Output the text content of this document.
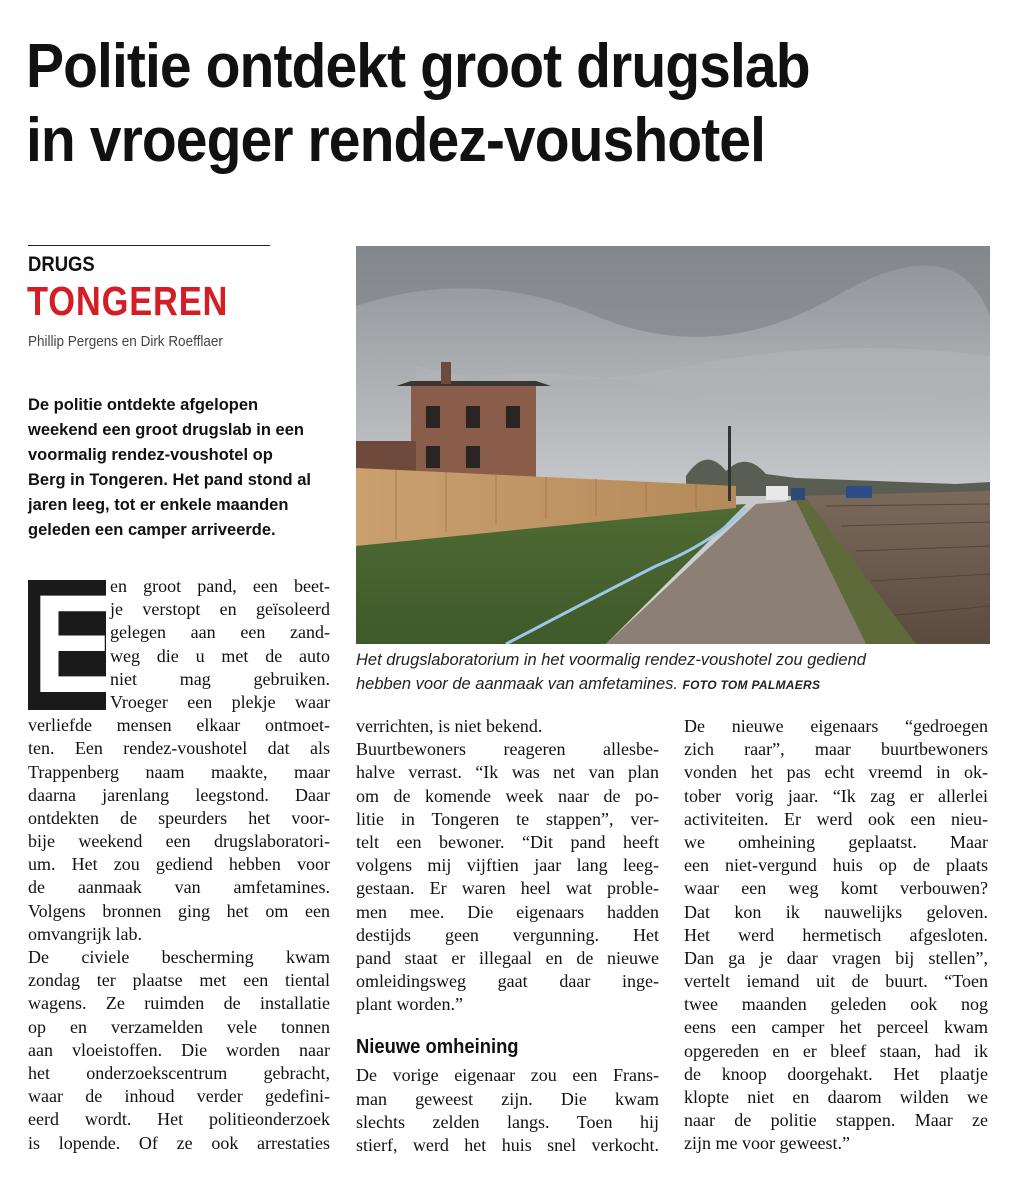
Politie ontdekt groot drugslab
in vroeger rendez-voushotel
DRUGS
TONGEREN
Phillip Pergens en Dirk Roefflaer
De politie ontdekte afgelopen
weekend een groot drugslab in een
voormalig rendez-voushotel op
Berg in Tongeren. Het pand stond al
jaren leeg, tot er enkele maanden
geleden een camper arriveerde.
Het drugslaboratorium in het voormalig rendez-voushotel zou gediend
hebben voor de aanmaak van amfetamines. FOTO TOM PALMAERS
E
en groot pand, een beet-
je verstopt en geïsoleerd
gelegen aan een zand-
weg die u met de auto
niet mag gebruiken.
Vroeger een plekje waar
verliefde mensen elkaar ontmoet-
ten. Een rendez-voushotel dat als
Trappenberg naam maakte, maar
daarna jarenlang leegstond. Daar
ontdekten de speurders het voor-
bije weekend een drugslaboratori-
um. Het zou gediend hebben voor
de aanmaak van amfetamines.
Volgens bronnen ging het om een
omvangrijk lab.
De civiele bescherming kwam
zondag ter plaatse met een tiental
wagens. Ze ruimden de installatie
op en verzamelden vele tonnen
aan vloeistoffen. Die worden naar
het onderzoekscentrum gebracht,
waar de inhoud verder gedefini-
eerd wordt. Het politieonderzoek
is lopende. Of ze ook arrestaties
verrichten, is niet bekend.
Buurtbewoners reageren allesbe-
halve verrast. “Ik was net van plan
om de komende week naar de po-
litie in Tongeren te stappen”, ver-
telt een bewoner. “Dit pand heeft
volgens mij vijftien jaar lang leeg-
gestaan. Er waren heel wat proble-
men mee. Die eigenaars hadden
destijds geen vergunning. Het
pand staat er illegaal en de nieuwe
omleidingsweg gaat daar inge-
plant worden.”
Nieuwe omheining
De vorige eigenaar zou een Frans-
man geweest zijn. Die kwam
slechts zelden langs. Toen hij
stierf, werd het huis snel verkocht.
De nieuwe eigenaars “gedroegen
zich raar”, maar buurtbewoners
vonden het pas echt vreemd in ok-
tober vorig jaar. “Ik zag er allerlei
activiteiten. Er werd ook een nieu-
we omheining geplaatst. Maar
een niet-vergund huis op de plaats
waar een weg komt verbouwen?
Dat kon ik nauwelijks geloven.
Het werd hermetisch afgesloten.
Dan ga je daar vragen bij stellen”,
vertelt iemand uit de buurt. “Toen
twee maanden geleden ook nog
eens een camper het perceel kwam
opgereden en er bleef staan, had ik
de knoop doorgehakt. Het plaatje
klopte niet en daarom wilden we
naar de politie stappen. Maar ze
zijn me voor geweest.”
